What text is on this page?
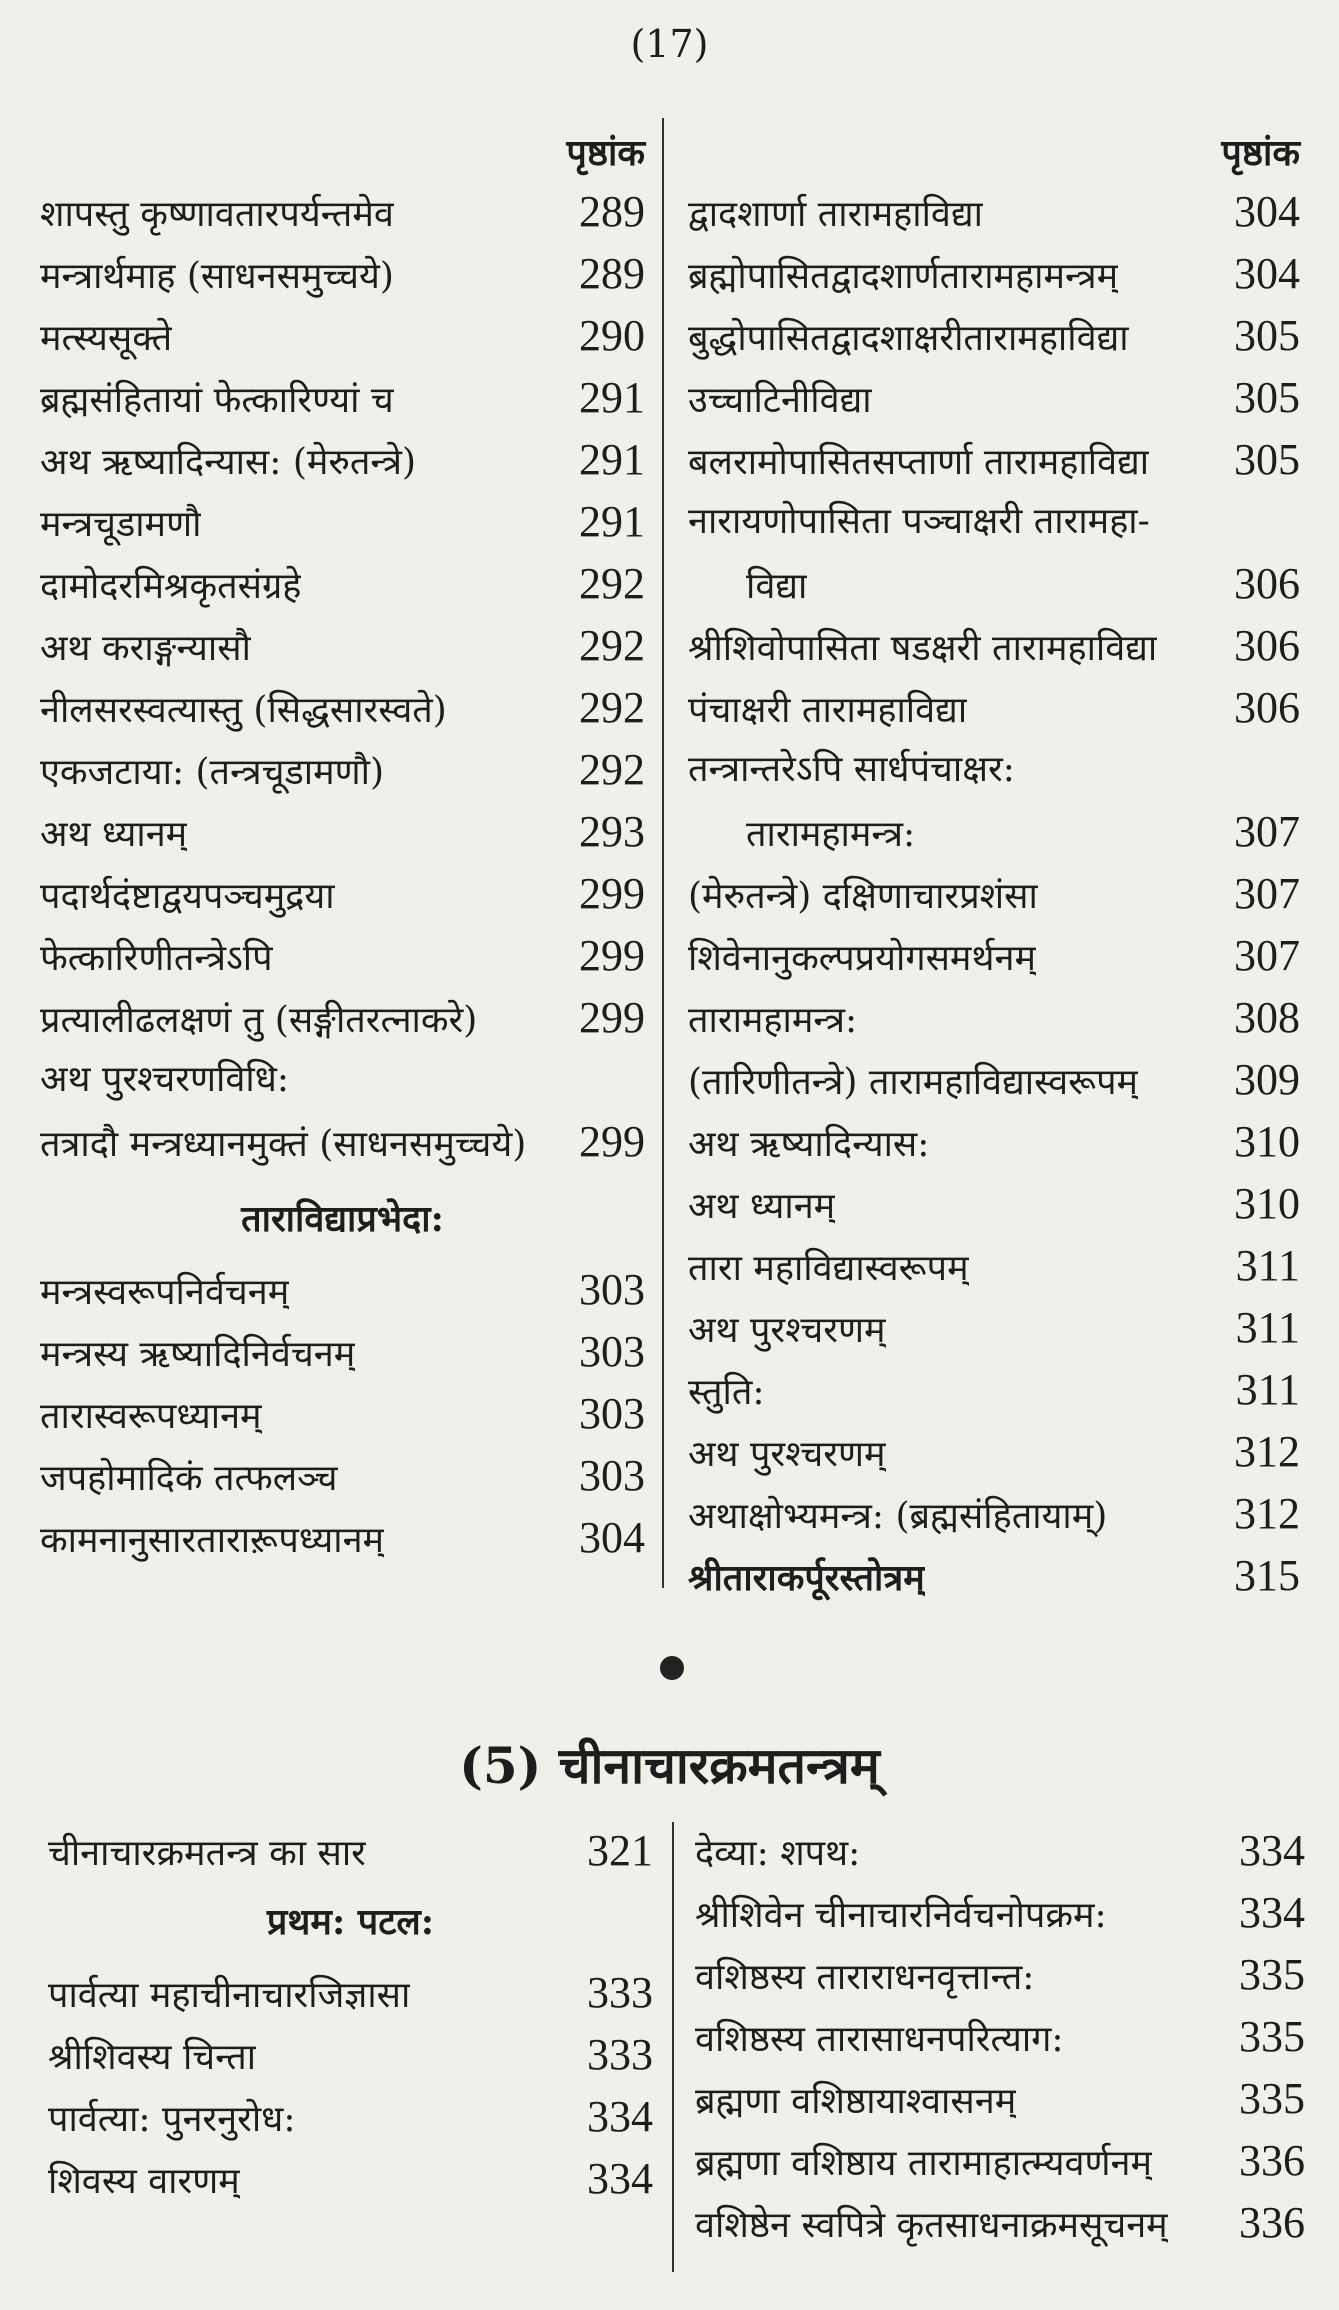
(17)
पृष्ठांक
शापस्तु कृष्णावतारपर्यन्तमेव	289
मन्त्रार्थमाह (साधनसमुच्चये)	289
मत्स्यसूक्ते	290
ब्रह्मसंहितायां फेत्कारिण्यां च	291
अथ ऋष्यादिन्यास: (मेरुतन्त्रे)	291
मन्त्रचूडामणौ	291
दामोदरमिश्रकृतसंग्रहे	292
अथ कराङ्गन्यासौ	292
नीलसरस्वत्यास्तु (सिद्धसारस्वते)	292
एकजटाया: (तन्त्रचूडामणौ)	292
अथ ध्यानम्	293
पदार्थदंष्टाद्वयपञ्चमुद्रया	299
फेत्कारिणीतन्त्रेऽपि	299
प्रत्यालीढलक्षणं तु (सङ्गीतरत्नाकरे) 299
अथ पुरश्चरणविधि:
तत्रादौ मन्त्रध्यानमुक्तं (साधनसमुच्चये) 299
ताराविद्याप्रभेदा:
मन्त्रस्वरूपनिर्वचनम्	303
मन्त्रस्य ऋष्यादिनिर्वचनम्	303
तारास्वरूपध्यानम्	303
जपहोमादिकं तत्फलञ्च	303
कामनानुसारताराऱूपध्यानम्	304
पृष्ठांक
द्वादशार्णा तारामहाविद्या	304
ब्रह्मोपासितद्वादशार्णतारामहामन्त्रम्	304
बुद्धोपासितद्वादशाक्षरीतारामहाविद्या 305
उच्चाटिनीविद्या	305
बलरामोपासितसप्तार्णा तारामहाविद्या 305
नारायणोपासिता पञ्चाक्षरी तारामहा-
विद्या	306
श्रीशिवोपासिता षडक्षरी तारामहाविद्या 306
पंचाक्षरी तारामहाविद्या	306
तन्त्रान्तरेऽपि सार्धपंचाक्षर:
तारामहामन्त्र:	307
(मेरुतन्त्रे) दक्षिणाचारप्रशंसा	307
शिवेनानुकल्पप्रयोगसमर्थनम्	307
तारामहामन्त्र:	308
(तारिणीतन्त्रे) तारामहाविद्यास्वरूपम् 309
अथ ऋष्यादिन्यास:	310
अथ ध्यानम्	310
तारा महाविद्यास्वरूपम्	311
अथ पुरश्चरणम्	311
स्तुति:	311
अथ पुरश्चरणम्	312
अथाक्षोभ्यमन्त्र: (ब्रह्मसंहितायाम्)	312
श्रीताराकर्पूरस्तोत्रम्	315
(5) चीनाचारक्रमतन्त्रम्
चीनाचारक्रमतन्त्र का सार	321
प्रथम: पटल:
पार्वत्या महाचीनाचारजिज्ञासा	333
श्रीशिवस्य चिन्ता	333
पार्वत्या: पुनरनुरोध:	334
शिवस्य वारणम्	334
देव्या: शपथ:	334
श्रीशिवेन चीनाचारनिर्वचनोपक्रम:	334
वशिष्ठस्य ताराराधनवृत्तान्त:	335
वशिष्ठस्य तारासाधनपरित्याग:	335
ब्रह्मणा वशिष्ठायाश्वासनम्	335
ब्रह्मणा वशिष्ठाय तारामाहात्म्यवर्णनम् 336
वशिष्ठेन स्वपित्रे कृतसाधनाक्रमसूचनम् 336
